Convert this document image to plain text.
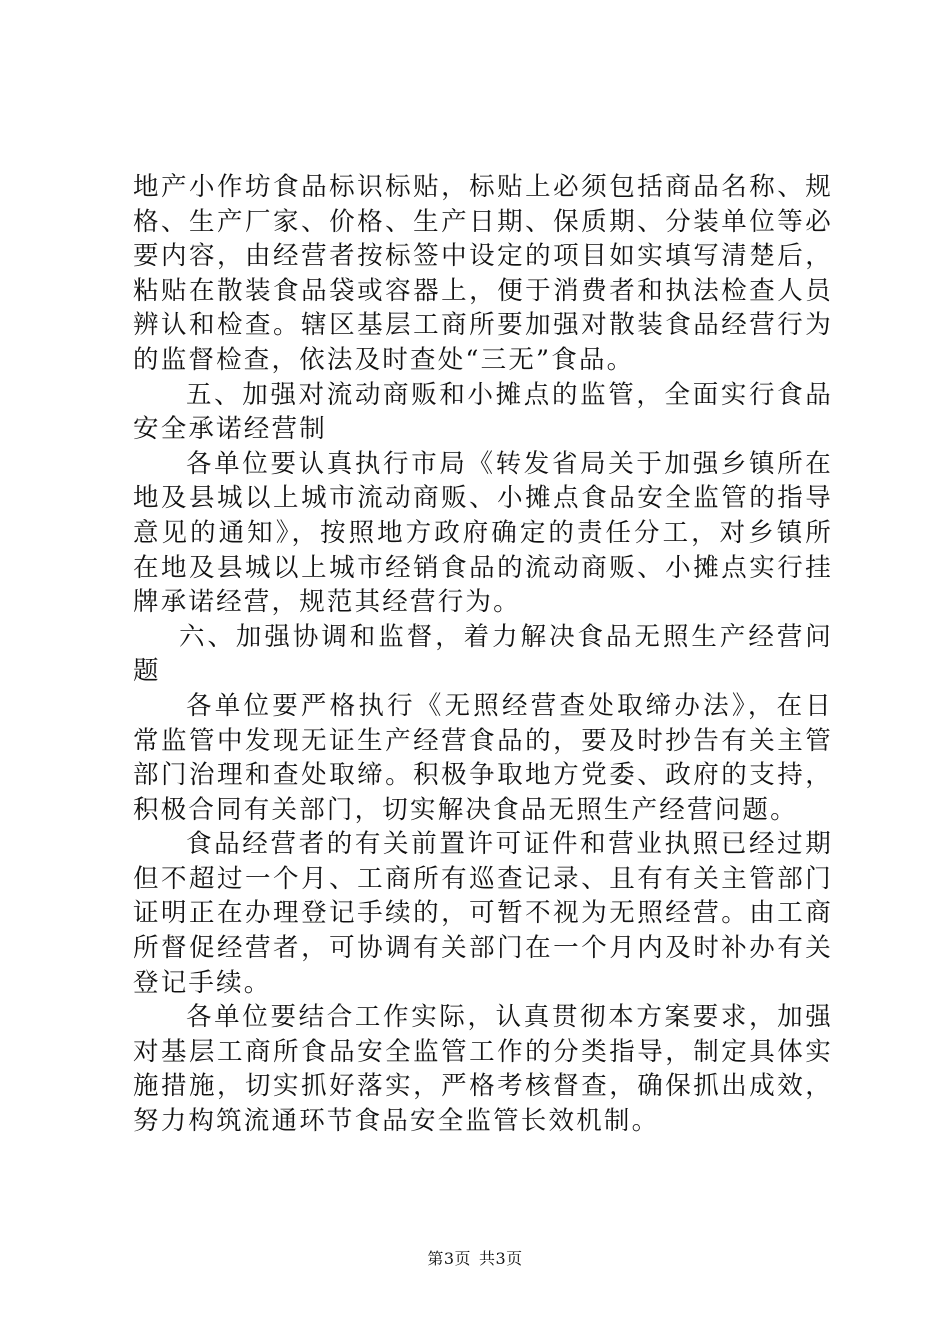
地产小作坊食品标识标贴，标贴上必须包括商品名称、规格、生产厂家、价格、生产日期、保质期、分装单位等必要内容，由经营者按标签中设定的项目如实填写清楚后，粘贴在散装食品袋或容器上，便于消费者和执法检查人员辨认和检查。辖区基层工商所要加强对散装食品经营行为的监督检查，依法及时查处“三无”食品。

五、加强对流动商贩和小摊点的监管，全面实行食品安全承诺经营制

各单位要认真执行市局《转发省局关于加强乡镇所在地及县城以上城市流动商贩、小摊点食品安全监管的指导意见的通知》，按照地方政府确定的责任分工，对乡镇所在地及县城以上城市经销食品的流动商贩、小摊点实行挂牌承诺经营，规范其经营行为。

六、加强协调和监督，着力解决食品无照生产经营问题

各单位要严格执行《无照经营查处取缔办法》，在日常监管中发现无证生产经营食品的，要及时抄告有关主管部门治理和查处取缔。积极争取地方党委、政府的支持，积极合同有关部门，切实解决食品无照生产经营问题。

食品经营者的有关前置许可证件和营业执照已经过期但不超过一个月、工商所有巡查记录、且有有关主管部门证明正在办理登记手续的，可暂不视为无照经营。由工商所督促经营者，可协调有关部门在一个月内及时补办有关登记手续。

各单位要结合工作实际，认真贯彻本方案要求，加强对基层工商所食品安全监管工作的分类指导，制定具体实施措施，切实抓好落实，严格考核督查，确保抓出成效，努力构筑流通环节食品安全监管长效机制。

第3页 共3页
